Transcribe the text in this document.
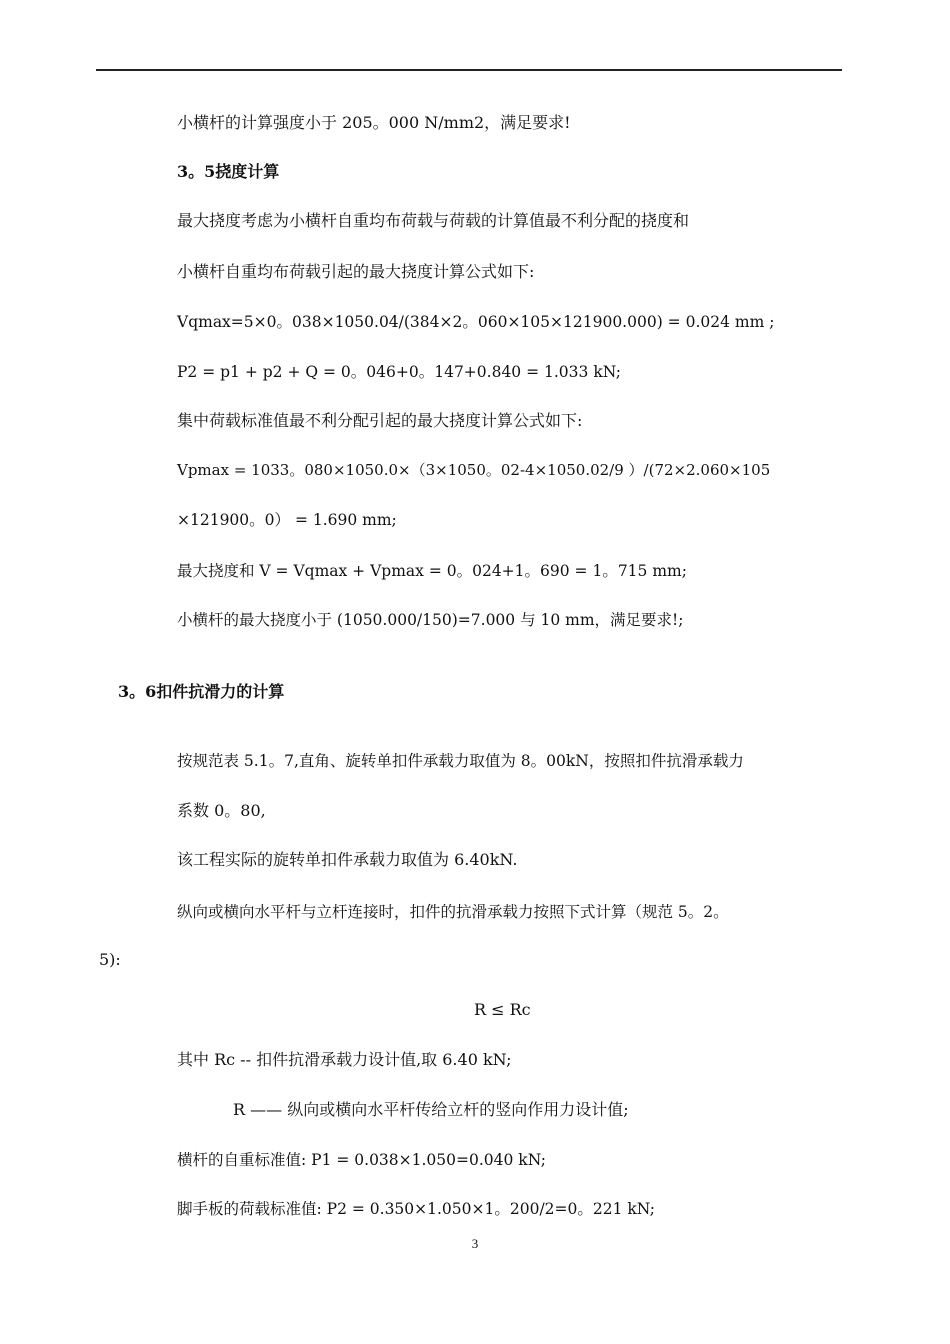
小横杆的计算强度小于 205。000 N/mm2，满足要求!
3。5挠度计算
最大挠度考虑为小横杆自重均布荷载与荷载的计算值最不利分配的挠度和
小横杆自重均布荷载引起的最大挠度计算公式如下:
Vqmax=5×0。038×1050.04/(384×2。060×105×121900.000) = 0.024 mm ;
P2 = p1 + p2 + Q = 0。046+0。147+0.840 = 1.033 kN;
集中荷载标准值最不利分配引起的最大挠度计算公式如下:
Vpmax = 1033。080×1050.0×（3×1050。02-4×1050.02/9 ）/(72×2.060×105
×121900。0） = 1.690 mm;
最大挠度和 V = Vqmax + Vpmax = 0。024+1。690 = 1。715 mm;
小横杆的最大挠度小于 (1050.000/150)=7.000 与 10 mm，满足要求!;
3。6扣件抗滑力的计算
按规范表 5.1。7,直角、旋转单扣件承载力取值为 8。00kN，按照扣件抗滑承载力
系数 0。80,
该工程实际的旋转单扣件承载力取值为 6.40kN.
纵向或横向水平杆与立杆连接时，扣件的抗滑承载力按照下式计算（规范 5。2。
5):
R ≤ Rc
其中 Rc -- 扣件抗滑承载力设计值,取 6.40 kN;
R —— 纵向或横向水平杆传给立杆的竖向作用力设计值;
横杆的自重标准值: P1 = 0.038×1.050=0.040 kN;
脚手板的荷载标准值: P2 = 0.350×1.050×1。200/2=0。221 kN;
3
